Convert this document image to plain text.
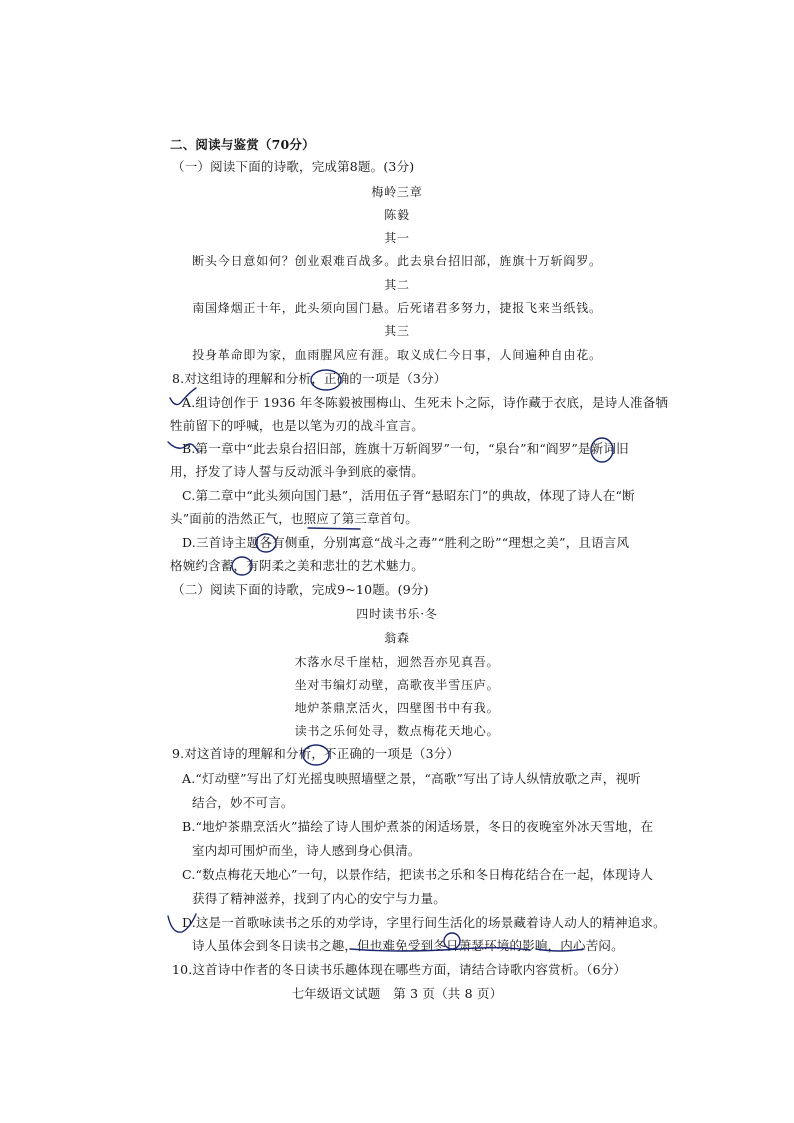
二、阅读与鉴赏（70分）
（一）阅读下面的诗歌，完成第8题。(3分)
梅岭三章
陈毅
其一
断头今日意如何？创业艰难百战多。此去泉台招旧部，旌旗十万斩阎罗。
其二
南国烽烟正十年，此头须向国门悬。后死诸君多努力，捷报飞来当纸钱。
其三
投身革命即为家，血雨腥风应有涯。取义成仁今日事，人间遍种自由花。
8.对这组诗的理解和分析，正确的一项是（3分）
A.组诗创作于 1936 年冬陈毅被围梅山、生死未卜之际，诗作藏于衣底，是诗人准备牺
牲前留下的呼喊，也是以笔为刃的战斗宣言。
B.第一章中“此去泉台招旧部，旌旗十万斩阎罗”一句，“泉台”和“阎罗”是新词旧
用，抒发了诗人誓与反动派斗争到底的豪情。
C.第二章中“此头须向国门悬”，活用伍子胥“悬昭东门”的典故，体现了诗人在“断
头”面前的浩然正气，也照应了第三章首句。
D.三首诗主题各有侧重，分别寓意“战斗之毒”“胜利之盼”“理想之美”，且语言风
格婉约含蓄，有阴柔之美和悲壮的艺术魅力。
（二）阅读下面的诗歌，完成9~10题。(9分)
四时读书乐·冬
翁森
木落水尽千崖枯，迥然吾亦见真吾。
坐对韦编灯动壁，高歌夜半雪压庐。
地炉茶鼎烹活火，四壁图书中有我。
读书之乐何处寻，数点梅花天地心。
9.对这首诗的理解和分析，不正确的一项是（3分）
A.“灯动壁”写出了灯光摇曳映照墙壁之景，“高歌”写出了诗人纵情放歌之声，视听
结合，妙不可言。
B.“地炉茶鼎烹活火”描绘了诗人围炉煮茶的闲适场景，冬日的夜晚室外冰天雪地，在
室内却可围炉而坐，诗人感到身心俱清。
C.“数点梅花天地心”一句，以景作结，把读书之乐和冬日梅花结合在一起，体现诗人
获得了精神滋养，找到了内心的安宁与力量。
D.这是一首歌咏读书之乐的劝学诗，字里行间生活化的场景藏着诗人动人的精神追求。
诗人虽体会到冬日读书之趣，但也难免受到冬日萧瑟环境的影响，内心苦闷。
10.这首诗中作者的冬日读书乐趣体现在哪些方面，请结合诗歌内容赏析。（6分）
七年级语文试题　第 3 页（共 8 页）
